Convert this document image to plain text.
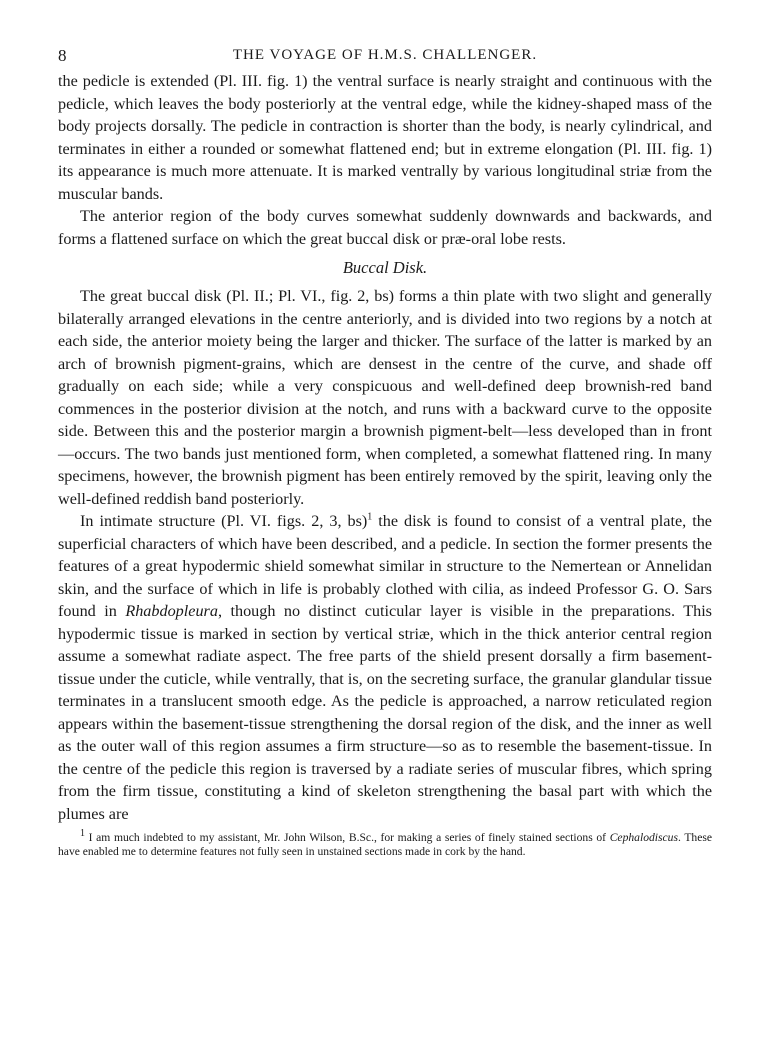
8	THE VOYAGE OF H.M.S. CHALLENGER.

the pedicle is extended (Pl. III. fig. 1) the ventral surface is nearly straight and continuous with the pedicle, which leaves the body posteriorly at the ventral edge, while the kidney-shaped mass of the body projects dorsally. The pedicle in contraction is shorter than the body, is nearly cylindrical, and terminates in either a rounded or somewhat flattened end; but in extreme elongation (Pl. III. fig. 1) its appearance is much more attenuate. It is marked ventrally by various longitudinal striæ from the muscular bands.

The anterior region of the body curves somewhat suddenly downwards and backwards, and forms a flattened surface on which the great buccal disk or præ-oral lobe rests.

Buccal Disk.

The great buccal disk (Pl. II.; Pl. VI., fig. 2, bs) forms a thin plate with two slight and generally bilaterally arranged elevations in the centre anteriorly, and is divided into two regions by a notch at each side, the anterior moiety being the larger and thicker. The surface of the latter is marked by an arch of brownish pigment-grains, which are densest in the centre of the curve, and shade off gradually on each side; while a very conspicuous and well-defined deep brownish-red band commences in the posterior division at the notch, and runs with a backward curve to the opposite side. Between this and the posterior margin a brownish pigment-belt—less developed than in front—occurs. The two bands just mentioned form, when completed, a somewhat flattened ring. In many specimens, however, the brownish pigment has been entirely removed by the spirit, leaving only the well-defined reddish band posteriorly.

In intimate structure (Pl. VI. figs. 2, 3, bs)$^1$ the disk is found to consist of a ventral plate, the superficial characters of which have been described, and a pedicle. In section the former presents the features of a great hypodermic shield somewhat similar in structure to the Nemertean or Annelidan skin, and the surface of which in life is probably clothed with cilia, as indeed Professor G. O. Sars found in Rhabdopleura, though no distinct cuticular layer is visible in the preparations. This hypodermic tissue is marked in section by vertical striæ, which in the thick anterior central region assume a somewhat radiate aspect. The free parts of the shield present dorsally a firm basement-tissue under the cuticle, while ventrally, that is, on the secreting surface, the granular glandular tissue terminates in a translucent smooth edge. As the pedicle is approached, a narrow reticulated region appears within the basement-tissue strengthening the dorsal region of the disk, and the inner as well as the outer wall of this region assumes a firm structure—so as to resemble the basement-tissue. In the centre of the pedicle this region is traversed by a radiate series of muscular fibres, which spring from the firm tissue, constituting a kind of skeleton strengthening the basal part with which the plumes are

$^1$ I am much indebted to my assistant, Mr. John Wilson, B.Sc., for making a series of finely stained sections of Cephalodiscus. These have enabled me to determine features not fully seen in unstained sections made in cork by the hand.
